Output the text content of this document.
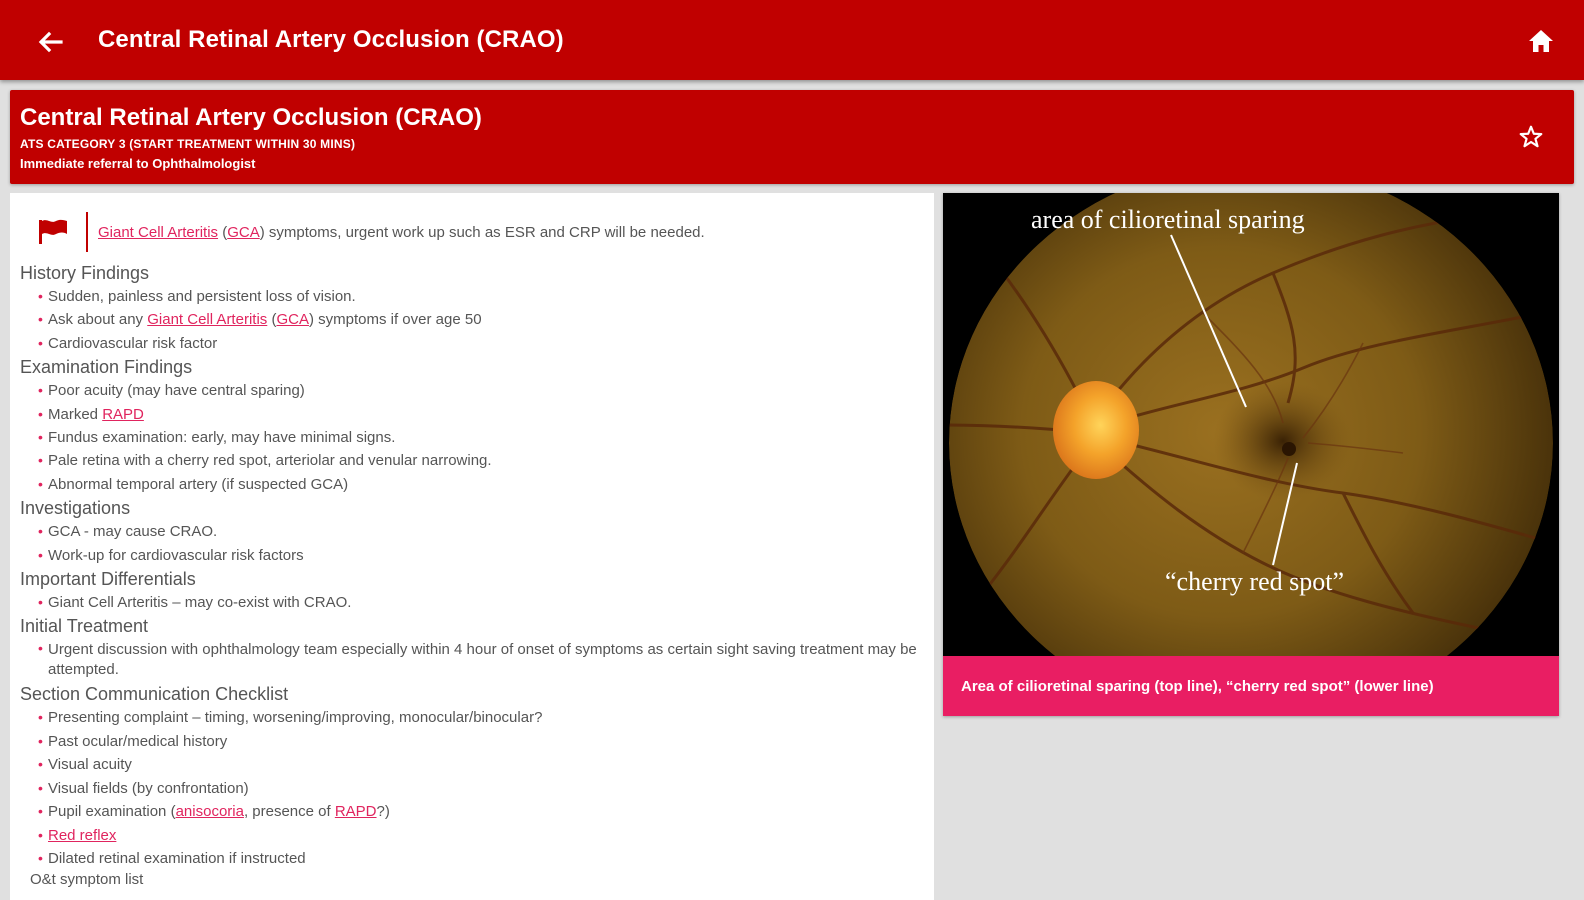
Central Retinal Artery Occlusion (CRAO)
Central Retinal Artery Occlusion (CRAO)
ATS CATEGORY 3 (START TREATMENT WITHIN 30 MINS)
Immediate referral to Ophthalmologist
Giant Cell Arteritis (GCA) symptoms, urgent work up such as ESR and CRP will be needed.
History Findings
• Sudden, painless and persistent loss of vision.
• Ask about any Giant Cell Arteritis (GCA) symptoms if over age 50
• Cardiovascular risk factor
Examination Findings
• Poor acuity (may have central sparing)
• Marked RAPD
• Fundus examination: early, may have minimal signs.
• Pale retina with a cherry red spot, arteriolar and venular narrowing.
• Abnormal temporal artery (if suspected GCA)
Investigations
• GCA - may cause CRAO.
• Work-up for cardiovascular risk factors
Important Differentials
• Giant Cell Arteritis – may co-exist with CRAO.
Initial Treatment
• Urgent discussion with ophthalmology team especially within 4 hour of onset of symptoms as certain sight saving treatment may be attempted.
Section Communication Checklist
• Presenting complaint – timing, worsening/improving, monocular/binocular?
• Past ocular/medical history
• Visual acuity
• Visual fields (by confrontation)
• Pupil examination (anisocoria, presence of RAPD?)
• Red reflex
• Dilated retinal examination if instructed
O&t symptom list
area of cilioretinal sparing
“cherry red spot”
Area of cilioretinal sparing (top line), “cherry red spot” (lower line)
